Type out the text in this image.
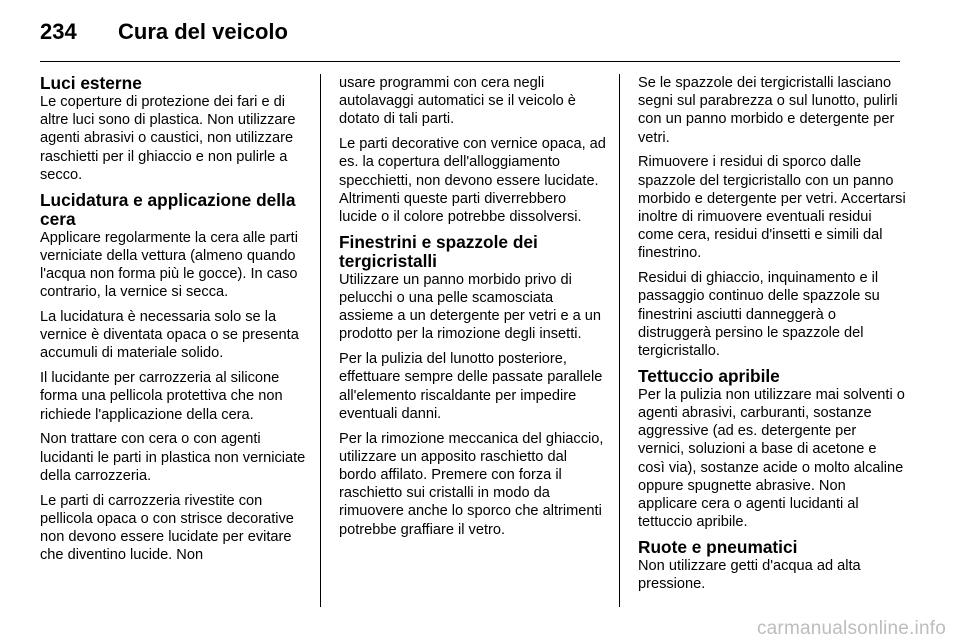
234	Cura del veicolo
Luci esterne

Le coperture di protezione dei fari e di altre luci sono di plastica. Non utilizzare agenti abrasivi o caustici, non utilizzare raschietti per il ghiaccio e non pulirle a secco.

Lucidatura e applicazione della cera

Applicare regolarmente la cera alle parti verniciate della vettura (almeno quando l'acqua non forma più le gocce). In caso contrario, la vernice si secca.

La lucidatura è necessaria solo se la vernice è diventata opaca o se presenta accumuli di materiale solido.

Il lucidante per carrozzeria al silicone forma una pellicola protettiva che non richiede l'applicazione della cera.

Non trattare con cera o con agenti lucidanti le parti in plastica non verniciate della carrozzeria.

Le parti di carrozzeria rivestite con pellicola opaca o con strisce decorative non devono essere lucidate per evitare che diventino lucide. Non

usare programmi con cera negli autolavaggi automatici se il veicolo è dotato di tali parti.

Le parti decorative con vernice opaca, ad es. la copertura dell'alloggiamento specchietti, non devono essere lucidate. Altrimenti queste parti diverrebbero lucide o il colore potrebbe dissolversi.

Finestrini e spazzole dei tergicristalli

Utilizzare un panno morbido privo di pelucchi o una pelle scamosciata assieme a un detergente per vetri e a un prodotto per la rimozione degli insetti.

Per la pulizia del lunotto posteriore, effettuare sempre delle passate parallele all'elemento riscaldante per impedire eventuali danni.

Per la rimozione meccanica del ghiaccio, utilizzare un apposito raschietto dal bordo affilato. Premere con forza il raschietto sui cristalli in modo da rimuovere anche lo sporco che altrimenti potrebbe graffiare il vetro.

Se le spazzole dei tergicristalli lasciano segni sul parabrezza o sul lunotto, pulirli con un panno morbido e detergente per vetri.

Rimuovere i residui di sporco dalle spazzole del tergicristallo con un panno morbido e detergente per vetri. Accertarsi inoltre di rimuovere eventuali residui come cera, residui d'insetti e simili dal finestrino.

Residui di ghiaccio, inquinamento e il passaggio continuo delle spazzole su finestrini asciutti danneggerà o distruggerà persino le spazzole del tergicristallo.

Tettuccio apribile

Per la pulizia non utilizzare mai solventi o agenti abrasivi, carburanti, sostanze aggressive (ad es. detergente per vernici, soluzioni a base di acetone e così via), sostanze acide o molto alcaline oppure spugnette abrasive. Non applicare cera o agenti lucidanti al tettuccio apribile.

Ruote e pneumatici

Non utilizzare getti d'acqua ad alta pressione.

carmanualsonline.info
